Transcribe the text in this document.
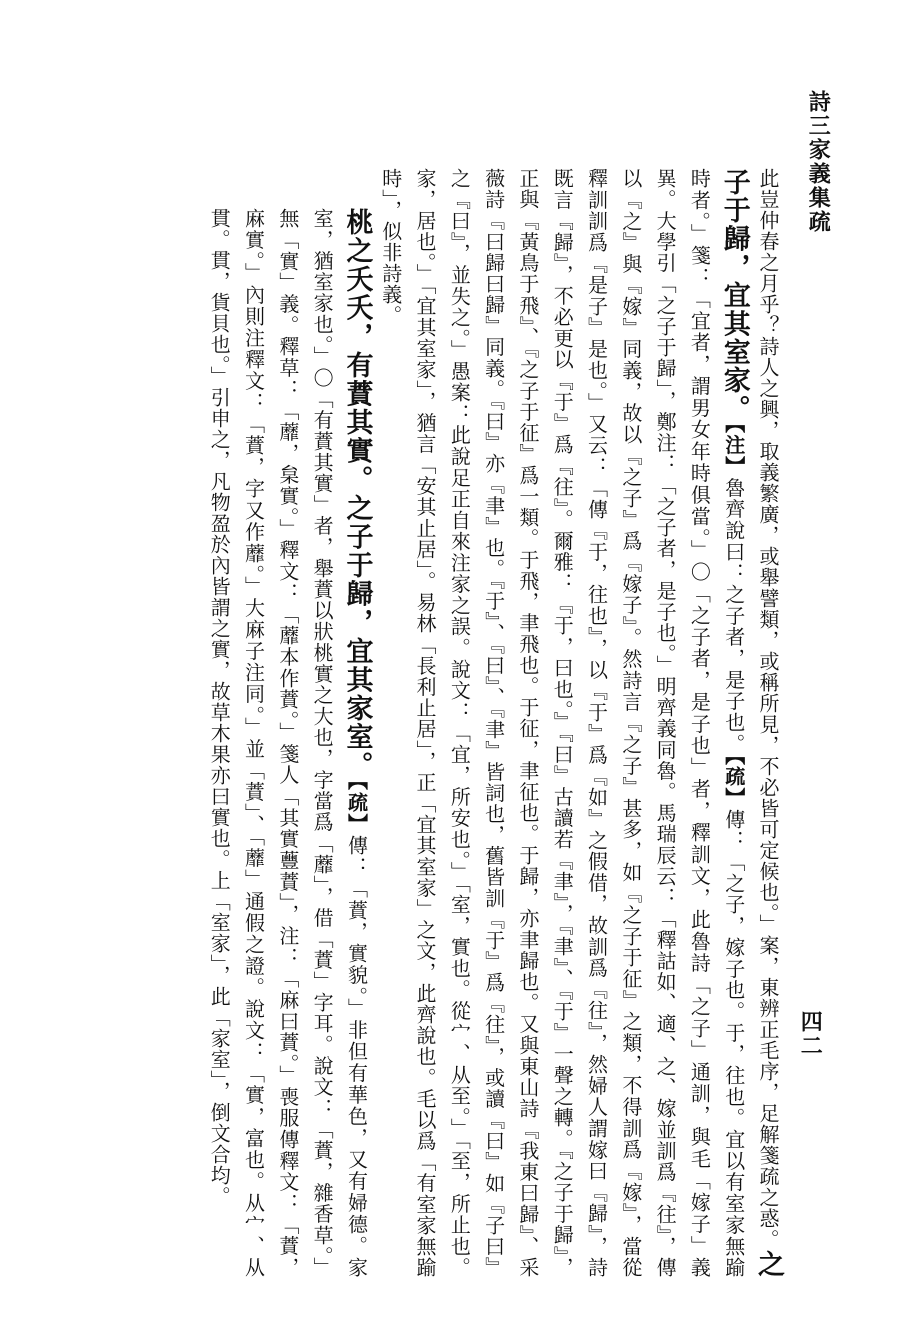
詩三家義集疏
四二

此豈仲春之月乎？詩人之興，取義繁廣，或舉譬類，或稱所見，不必皆可定候也。」案，東辨正毛序，足解箋疏之惑。之子于歸，宜其室家。【注】魯齊說曰：之子者，是子也。【疏】傳：「之子，嫁子也。于，往也。宜以有室家無踰時者。」箋：「宜者，謂男女年時俱當。」〇「之子者，是子也」者，釋訓文，此魯詩「之子」通訓，與毛「嫁子」義異。大學引「之子于歸」，鄭注：「之子者，是子也。」明齊義同魯。馬瑞辰云：「釋詁如、適、之、嫁並訓爲『往』，傳以『之』與『嫁』同義，故以『之子』爲『嫁子』。然詩言『之子』甚多，如『之子于征』之類，不得訓爲『嫁』，當從釋訓訓爲『是子』是也。」又云：「傳『于，往也』，以『于』爲『如』之假借，故訓爲『往』，然婦人謂嫁曰『歸』，詩既言『歸』，不必更以『于』爲『往』。爾雅：『于，曰也。』『曰』古讀若『聿』，『聿』、『于』一聲之轉。『之子于歸』，正與『黃鳥于飛』、『之子于征』爲一類。于飛，聿飛也。于征，聿征也。于歸，亦聿歸也。又與東山詩『我東曰歸』、采薇詩『曰歸曰歸』同義。『曰』亦『聿』也。『于』、『曰』、『聿』皆詞也，舊皆訓『于』爲『往』，或讀『曰』如『子曰』之『曰』，並失之。」愚案：此說足正自來注家之誤。說文：「宜，所安也。」「室，實也。從宀、从至。」「至，所止也。家，居也。」「宜其室家」，猶言「安其止居」。易林「長利止居」，正「宜其室家」之文，此齊說也。毛以爲「有室家無踰時」，似非詩義。

桃之夭夭，有蕡其實。之子于歸，宜其家室。【疏】傳：「蕡，實貌。」非但有華色，又有婦德。家室，猶室家也。」〇「有蕡其實」者，舉蕡以狀桃實之大也，字當爲「蘼」，借「蕡」字耳。說文：「蕡，雜香草。」無「實」義。釋草：「蘼，枲實。」釋文：「蘼本作蕡。」箋人「其實蘴蕡」，注：「麻曰蕡。」喪服傳釋文：「蕡，麻實。」內則注釋文：「蕡，字又作蘼。」大麻子注同。」並「蕡」、「蘼」通假之證。說文：「實，富也。从宀、从貫。貫，貨貝也。」引申之，凡物盈於內皆謂之實，故草木果亦曰實也。上「室家」，此「家室」，倒文合均。
